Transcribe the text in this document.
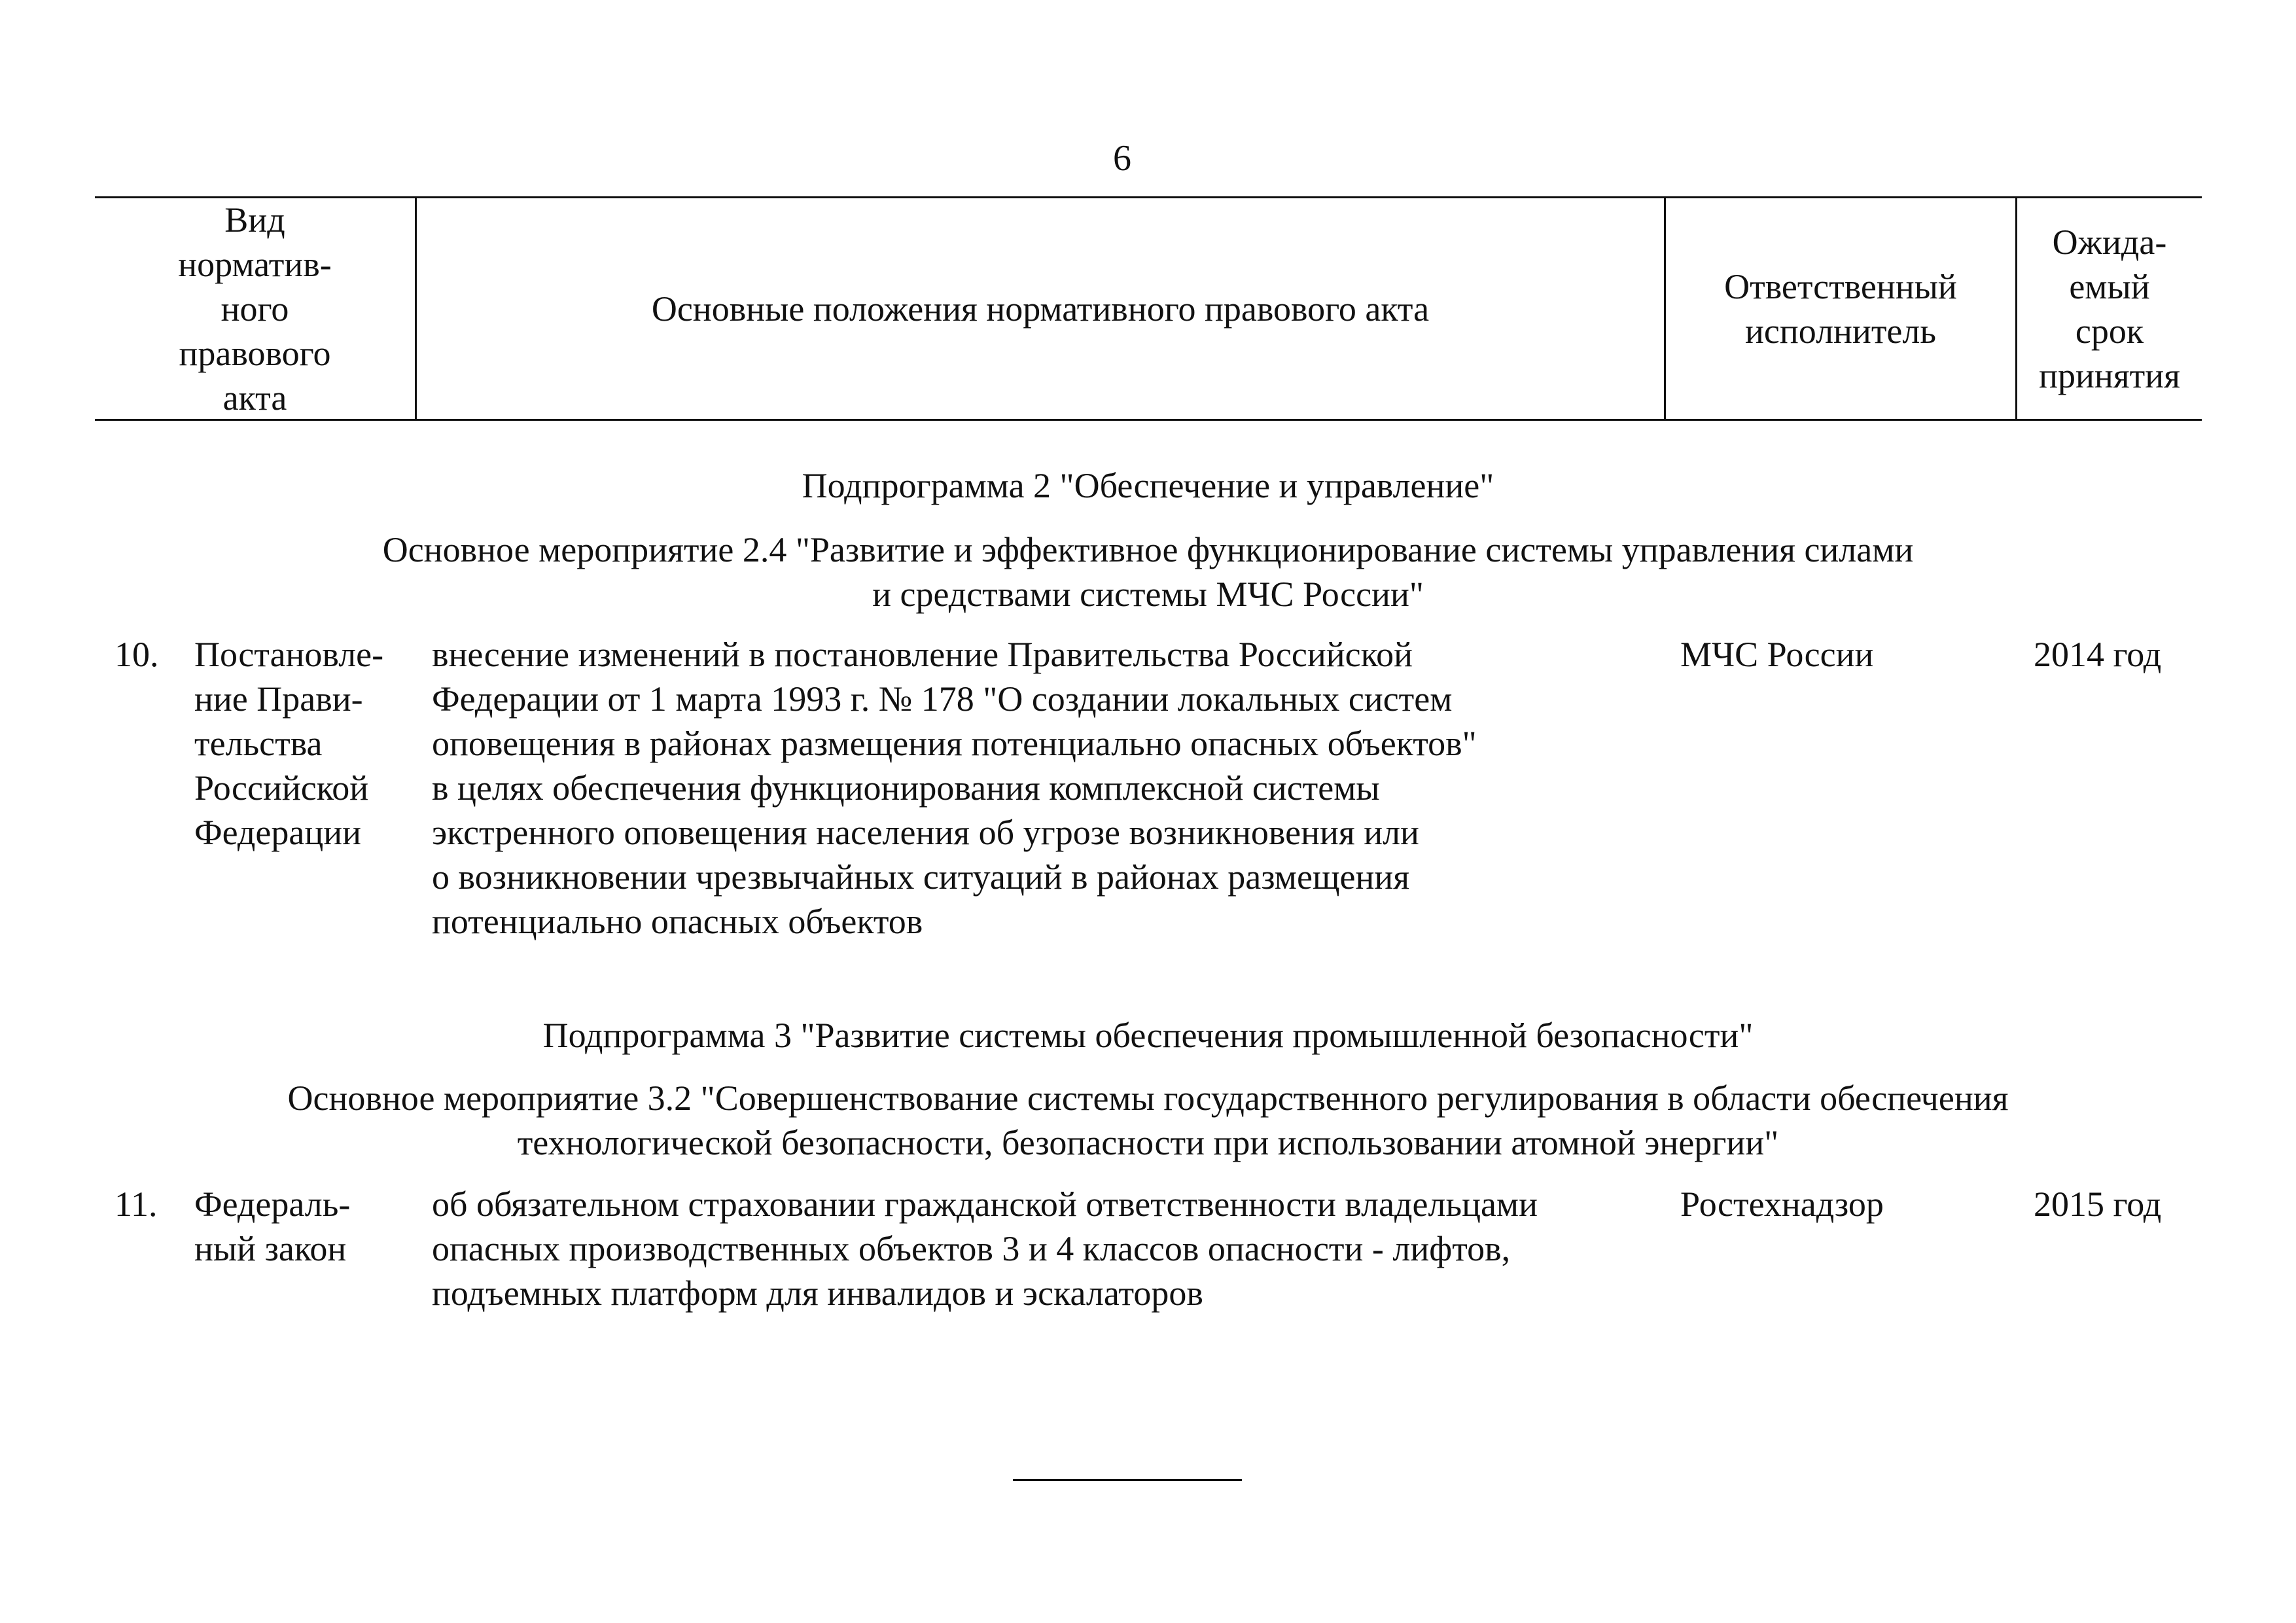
6
Вид
норматив-
ного
правового
акта
Основные положения нормативного правового акта
Ответственный
исполнитель
Ожида-
емый
срок
принятия
Подпрограмма 2 "Обеспечение и управление"
Основное мероприятие 2.4 "Развитие и эффективное функционирование системы управления силами
и средствами системы МЧС России"
10. Постановле-
ние Прави-
тельства
Российской
Федерации
внесение изменений в постановление Правительства Российской
Федерации от 1 марта 1993 г. № 178 "О создании локальных систем
оповещения в районах размещения потенциально опасных объектов"
в целях обеспечения функционирования комплексной системы
экстренного оповещения населения об угрозе возникновения или
о возникновении чрезвычайных ситуаций в районах размещения
потенциально опасных объектов
МЧС России	2014 год
Подпрограмма 3 "Развитие системы обеспечения промышленной безопасности"
Основное мероприятие 3.2 "Совершенствование системы государственного регулирования в области обеспечения
технологической безопасности, безопасности при использовании атомной энергии"
11. Федераль-
ный закон
об обязательном страховании гражданской ответственности владельцами
опасных производственных объектов 3 и 4 классов опасности - лифтов,
подъемных платформ для инвалидов и эскалаторов
Ростехнадзор	2015 год
